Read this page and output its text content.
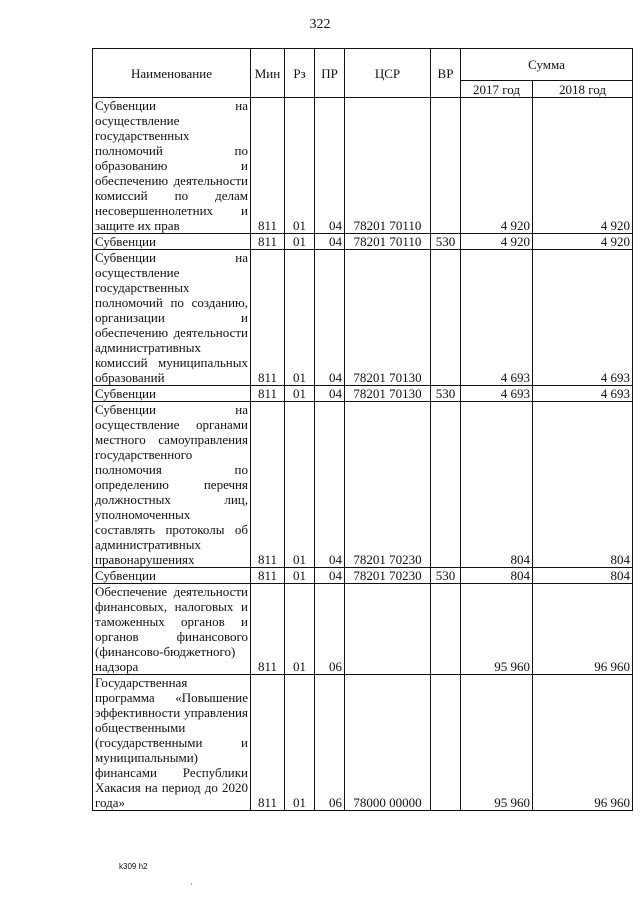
322
Наименование	Мин	Рз	ПР	ЦСР	ВР	Сумма	
						2017 год	2018 год
Субвенции на осуществление государственных полномочий по образованию и обеспечению деятельности комиссий по делам несовершеннолетних и защите их прав	811	01	04	78201 70110		4 920	4 920
Субвенции	811	01	04	78201 70110	530	4 920	4 920
Субвенции на осуществление государственных полномочий по созданию, организации и обеспечению деятельности административных комиссий муниципальных образований	811	01	04	78201 70130		4 693	4 693
Субвенции	811	01	04	78201 70130	530	4 693	4 693
Субвенции на осуществление органами местного самоуправления государственного полномочия по определению перечня должностных лиц, уполномоченных составлять протоколы об административных правонарушениях	811	01	04	78201 70230		804	804
Субвенции	811	01	04	78201 70230	530	804	804
Обеспечение деятельности финансовых, налоговых и таможенных органов и органов финансового (финансово-бюджетного) надзора	811	01	06			95 960	96 960
Государственная программа «Повышение эффективности управления общественными (государственными и муниципальными) финансами Республики Хакасия на период до 2020 года»	811	01	06	78000 00000		95 960	96 960
k309 h2
·
